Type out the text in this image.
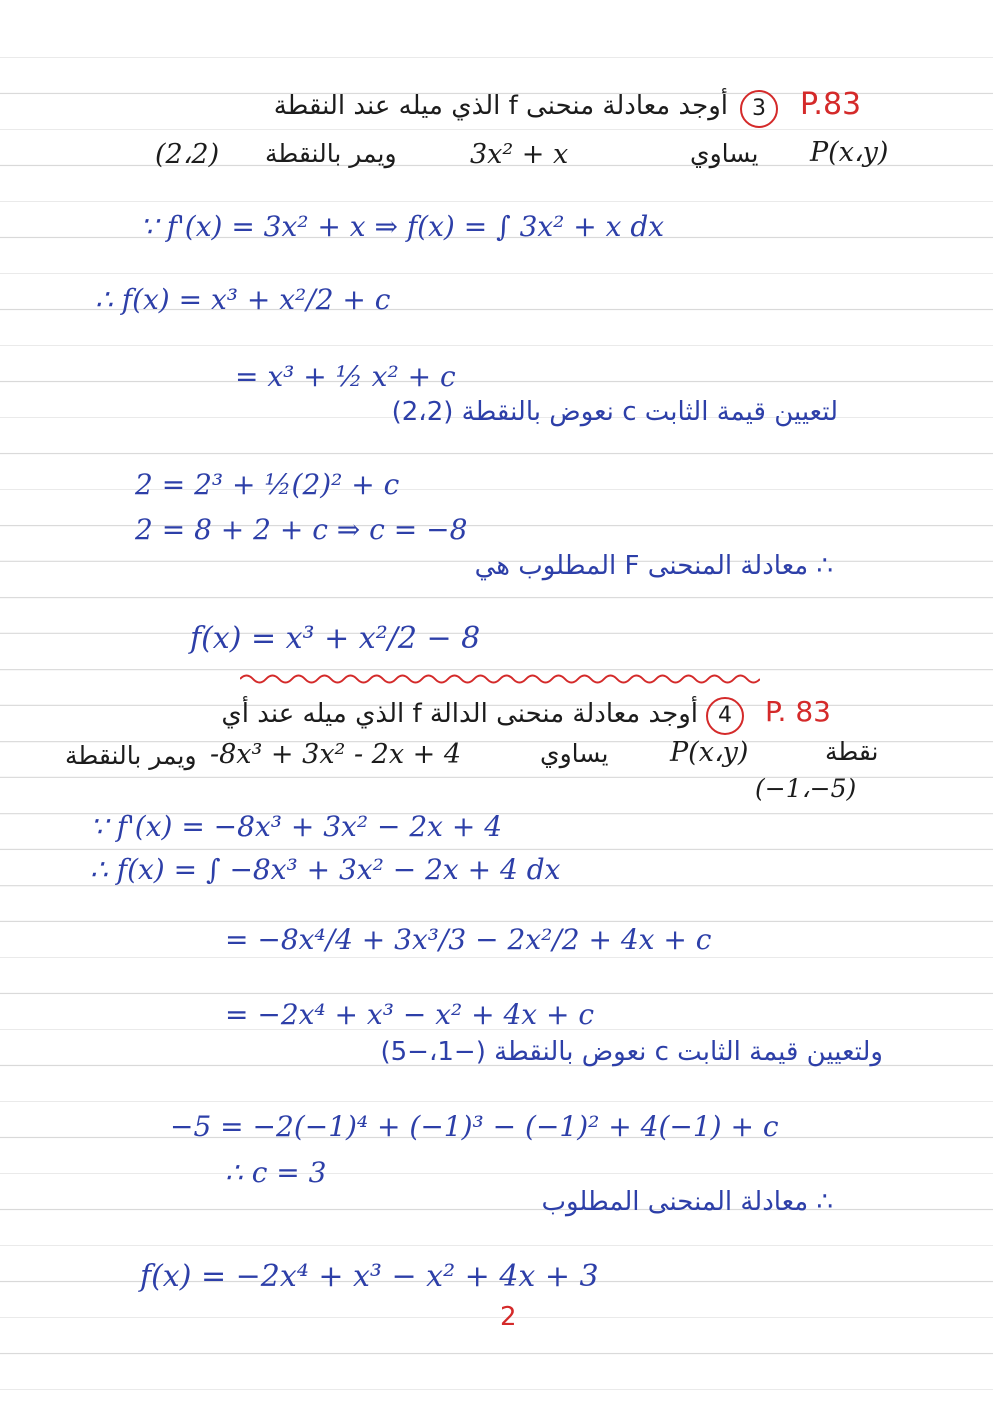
P.83
3
أوجد معادلة منحنى f الذي ميله عند النقطة
(2،2) ويمر بالنقطة	3x² + x	يساوي P(x،y)
∵ f'(x) = 3x² + x ⇒ f(x) = ∫ 3x² + x dx
∴ f(x) = x³ + x²/2 + c
= x³ + ½ x² + c
لتعيين قيمة الثابت c نعوض بالنقطة (2،2)
2 = 2³ + ½(2)² + c
2 = 8 + 2 + c ⇒ c = −8
∴ معادلة المنحنى F المطلوب هي
f(x) = x³ + x²/2 − 8
P. 83
4
أوجد معادلة منحنى الدالة f الذي ميله عند أي
نقطة
P(x،y)
يساوي
-8x³ + 3x² - 2x + 4
ويمر بالنقطة
(−1،−5)
∵ f'(x) = −8x³ + 3x² − 2x + 4
∴ f(x) = ∫ −8x³ + 3x² − 2x + 4 dx
= −8x⁴/4 + 3x³/3 − 2x²/2 + 4x + c
= −2x⁴ + x³ − x² + 4x + c
ولتعيين قيمة الثابت c نعوض بالنقطة (−1،−5)
−5 = −2(−1)⁴ + (−1)³ − (−1)² + 4(−1) + c
∴ c = 3
∴ معادلة المنحنى المطلوب
f(x) = −2x⁴ + x³ − x² + 4x + 3
2
